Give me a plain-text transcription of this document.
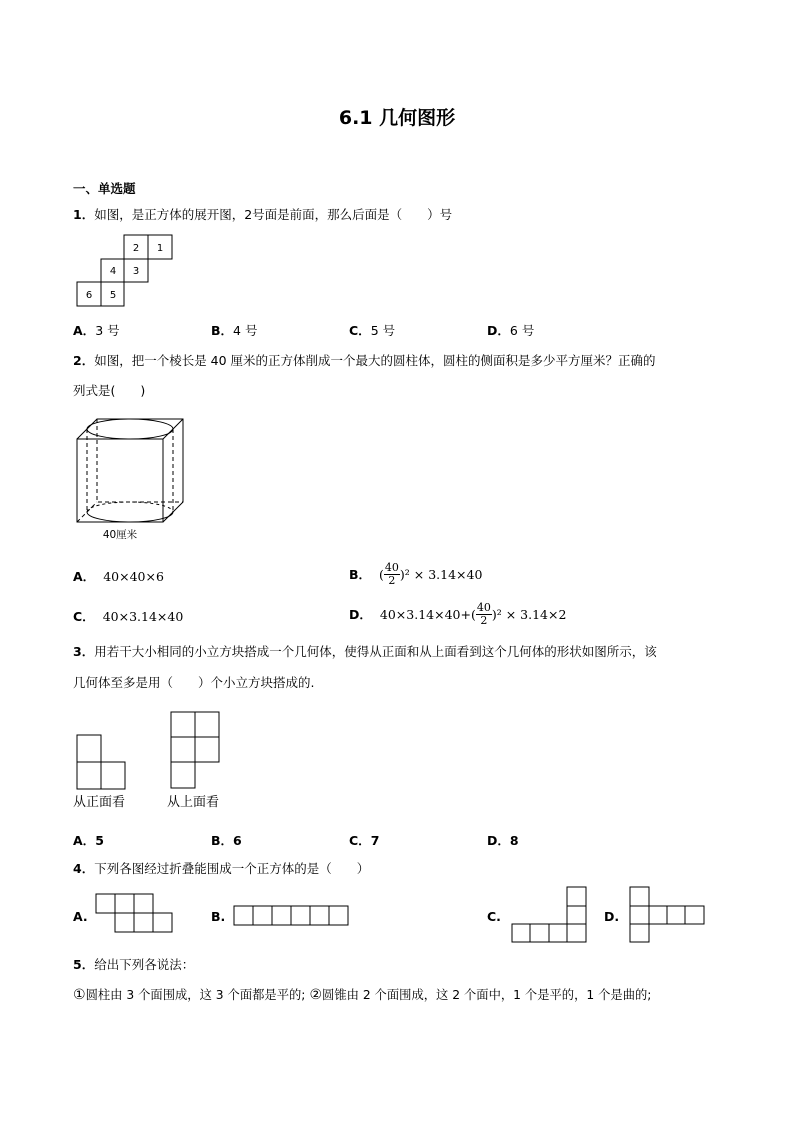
6.1 几何图形
一、单选题
1．如图，是正方体的展开图，2号面是前面，那么后面是（　　）号
2 1
4 3
6 5
A．3 号	B．4 号	C．5 号	D．6 号
2．如图，把一个棱长是 40 厘米的正方体削成一个最大的圆柱体，圆柱的侧面积是多少平方厘米？正确的
列式是(　　)
40厘米
A． 40×40×6	B． ( 40
2 )² × 3.14×40
C． 40×3.14×40	D． 40×3.14×40+( 40
2 )² × 3.14×2
3．用若干大小相同的小立方块搭成一个几何体，使得从正面和从上面看到这个几何体的形状如图所示，该
几何体至多是用（　　）个小立方块搭成的.
从正面看	从上面看
A．5	B．6	C．7	D．8
4．下列各图经过折叠能围成一个正方体的是（　　）
A.	B.	C.	D.
5．给出下列各说法：
①圆柱由 3 个面围成，这 3 个面都是平的; ②圆锥由 2 个面围成，这 2 个面中，1 个是平的，1 个是曲的;
